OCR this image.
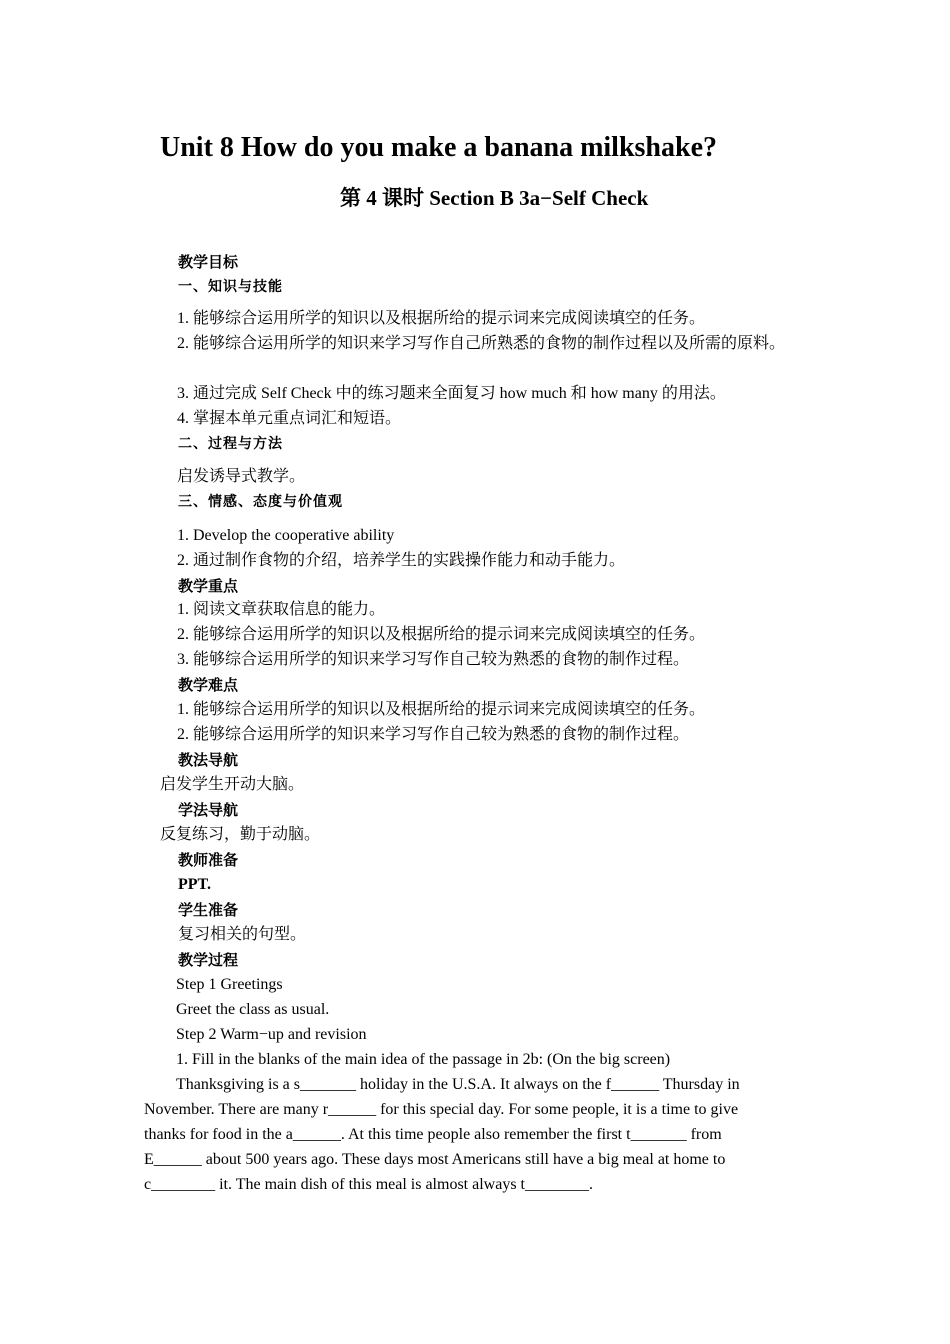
Unit 8 How do you make a banana milkshake?
第 4 课时 Section B 3a−Self Check
教学目标
一、知识与技能
1. 能够综合运用所学的知识以及根据所给的提示词来完成阅读填空的任务。
2. 能够综合运用所学的知识来学习写作自己所熟悉的食物的制作过程以及所需的原料。
3. 通过完成 Self Check 中的练习题来全面复习 how much 和 how many 的用法。
4. 掌握本单元重点词汇和短语。
二、过程与方法
启发诱导式教学。
三、情感、态度与价值观
1. Develop the cooperative ability
2. 通过制作食物的介绍，培养学生的实践操作能力和动手能力。
教学重点
1. 阅读文章获取信息的能力。
2. 能够综合运用所学的知识以及根据所给的提示词来完成阅读填空的任务。
3. 能够综合运用所学的知识来学习写作自己较为熟悉的食物的制作过程。
教学难点
1. 能够综合运用所学的知识以及根据所给的提示词来完成阅读填空的任务。
2. 能够综合运用所学的知识来学习写作自己较为熟悉的食物的制作过程。
教法导航
启发学生开动大脑。
学法导航
反复练习，勤于动脑。
教师准备
PPT.
学生准备
复习相关的句型。
教学过程
Step 1 Greetings
Greet the class as usual.
Step 2 Warm−up and revision
1. Fill in the blanks of the main idea of the passage in 2b: (On the big screen)
Thanksgiving is a s_______ holiday in the U.S.A. It always on the f______ Thursday in
November. There are many r______ for this special day. For some people, it is a time to give
thanks for food in the a______. At this time people also remember the first t_______ from
E______ about 500 years ago. These days most Americans still have a big meal at home to
c________ it. The main dish of this meal is almost always t________.
